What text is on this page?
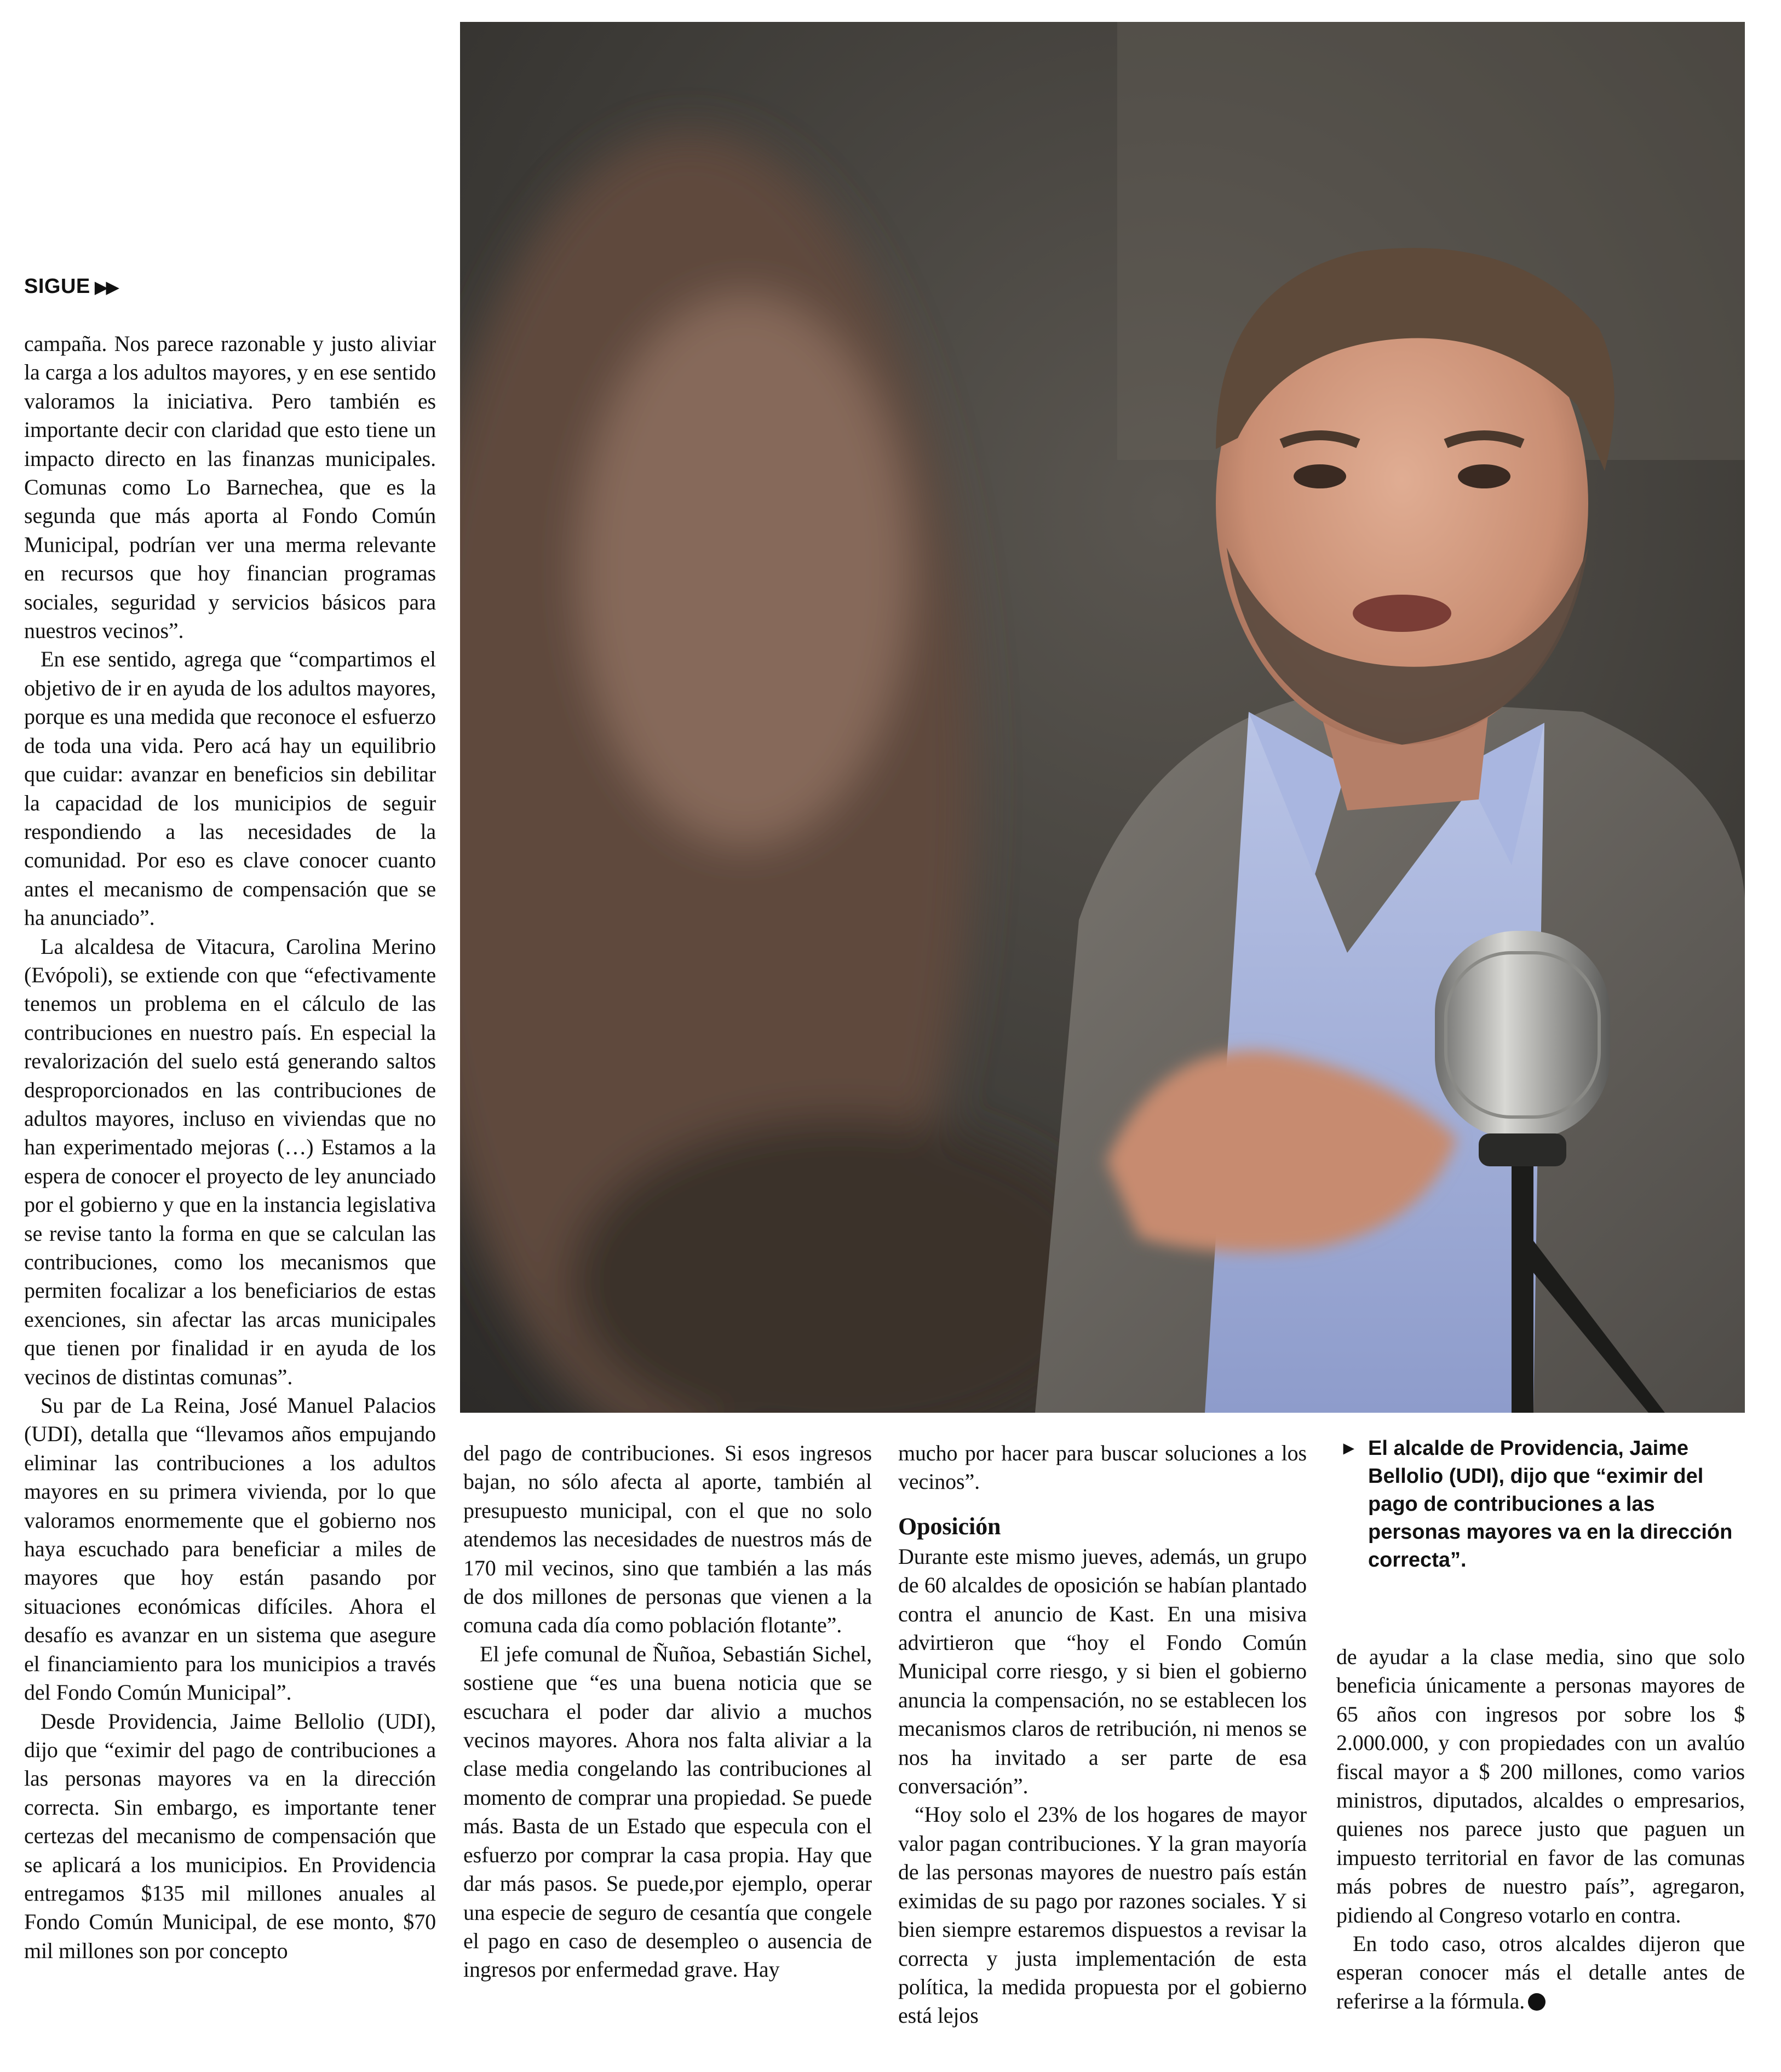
SIGUE ▶▶

campaña. Nos parece razonable y justo aliviar la carga a los adultos mayores, y en ese sentido valoramos la iniciativa. Pero también es importante decir con claridad que esto tiene un impacto directo en las finanzas municipales. Comunas como Lo Barnechea, que es la segunda que más aporta al Fondo Común Municipal, podrían ver una merma relevante en recursos que hoy financian programas sociales, seguridad y servicios básicos para nuestros vecinos”.

En ese sentido, agrega que “compartimos el objetivo de ir en ayuda de los adultos mayores, porque es una medida que reconoce el esfuerzo de toda una vida. Pero acá hay un equilibrio que cuidar: avanzar en beneficios sin debilitar la capacidad de los municipios de seguir respondiendo a las necesidades de la comunidad. Por eso es clave conocer cuanto antes el mecanismo de compensación que se ha anunciado”.

La alcaldesa de Vitacura, Carolina Merino (Evópoli), se extiende con que “efectivamente tenemos un problema en el cálculo de las contribuciones en nuestro país. En especial la revalorización del suelo está generando saltos desproporcionados en las contribuciones de adultos mayores, incluso en viviendas que no han experimentado mejoras (…) Estamos a la espera de conocer el proyecto de ley anunciado por el gobierno y que en la instancia legislativa se revise tanto la forma en que se calculan las contribuciones, como los mecanismos que permiten focalizar a los beneficiarios de estas exenciones, sin afectar las arcas municipales que tienen por finalidad ir en ayuda de los vecinos de distintas comunas”.

Su par de La Reina, José Manuel Palacios (UDI), detalla que “llevamos años empujando eliminar las contribuciones a los adultos mayores en su primera vivienda, por lo que valoramos enormemente que el gobierno nos haya escuchado para beneficiar a miles de mayores que hoy están pasando por situaciones económicas difíciles. Ahora el desafío es avanzar en un sistema que asegure el financiamiento para los municipios a través del Fondo Común Municipal”.

Desde Providencia, Jaime Bellolio (UDI), dijo que “eximir del pago de contribuciones a las personas mayores va en la dirección correcta. Sin embargo, es importante tener certezas del mecanismo de compensación que se aplicará a los municipios. En Providencia entregamos $135 mil millones anuales al Fondo Común Municipal, de ese monto, $70 mil millones son por concepto

del pago de contribuciones. Si esos ingresos bajan, no sólo afecta al aporte, también al presupuesto municipal, con el que no solo atendemos las necesidades de nuestros más de 170 mil vecinos, sino que también a las más de dos millones de personas que vienen a la comuna cada día como población flotante”.

El jefe comunal de Ñuñoa, Sebastián Sichel, sostiene que “es una buena noticia que se escuchara el poder dar alivio a muchos vecinos mayores. Ahora nos falta aliviar a la clase media congelando las contribuciones al momento de comprar una propiedad. Se puede más. Basta de un Estado que especula con el esfuerzo por comprar la casa propia. Hay que dar más pasos. Se puede,por ejemplo, operar una especie de seguro de cesantía que congele el pago en caso de desempleo o ausencia de ingresos por enfermedad grave. Hay

mucho por hacer para buscar soluciones a los vecinos”.

Oposición

Durante este mismo jueves, además, un grupo de 60 alcaldes de oposición se habían plantado contra el anuncio de Kast. En una misiva advirtieron que “hoy el Fondo Común Municipal corre riesgo, y si bien el gobierno anuncia la compensación, no se establecen los mecanismos claros de retribución, ni menos se nos ha invitado a ser parte de esa conversación”.

“Hoy solo el 23% de los hogares de mayor valor pagan contribuciones. Y la gran mayoría de las personas mayores de nuestro país están eximidas de su pago por razones sociales. Y si bien siempre estaremos dispuestos a revisar la correcta y justa implementación de esta política, la medida propuesta por el gobierno está lejos

► El alcalde de Providencia, Jaime Bellolio (UDI), dijo que “eximir del pago de contribuciones a las personas mayores va en la dirección correcta”.

de ayudar a la clase media, sino que solo beneficia únicamente a personas mayores de 65 años con ingresos por sobre los $ 2.000.000, y con propiedades con un avalúo fiscal mayor a $ 200 millones, como varios ministros, diputados, alcaldes o empresarios, quienes nos parece justo que paguen un impuesto territorial en favor de las comunas más pobres de nuestro país”, agregaron, pidiendo al Congreso votarlo en contra.

En todo caso, otros alcaldes dijeron que esperan conocer más el detalle antes de referirse a la fórmula.
